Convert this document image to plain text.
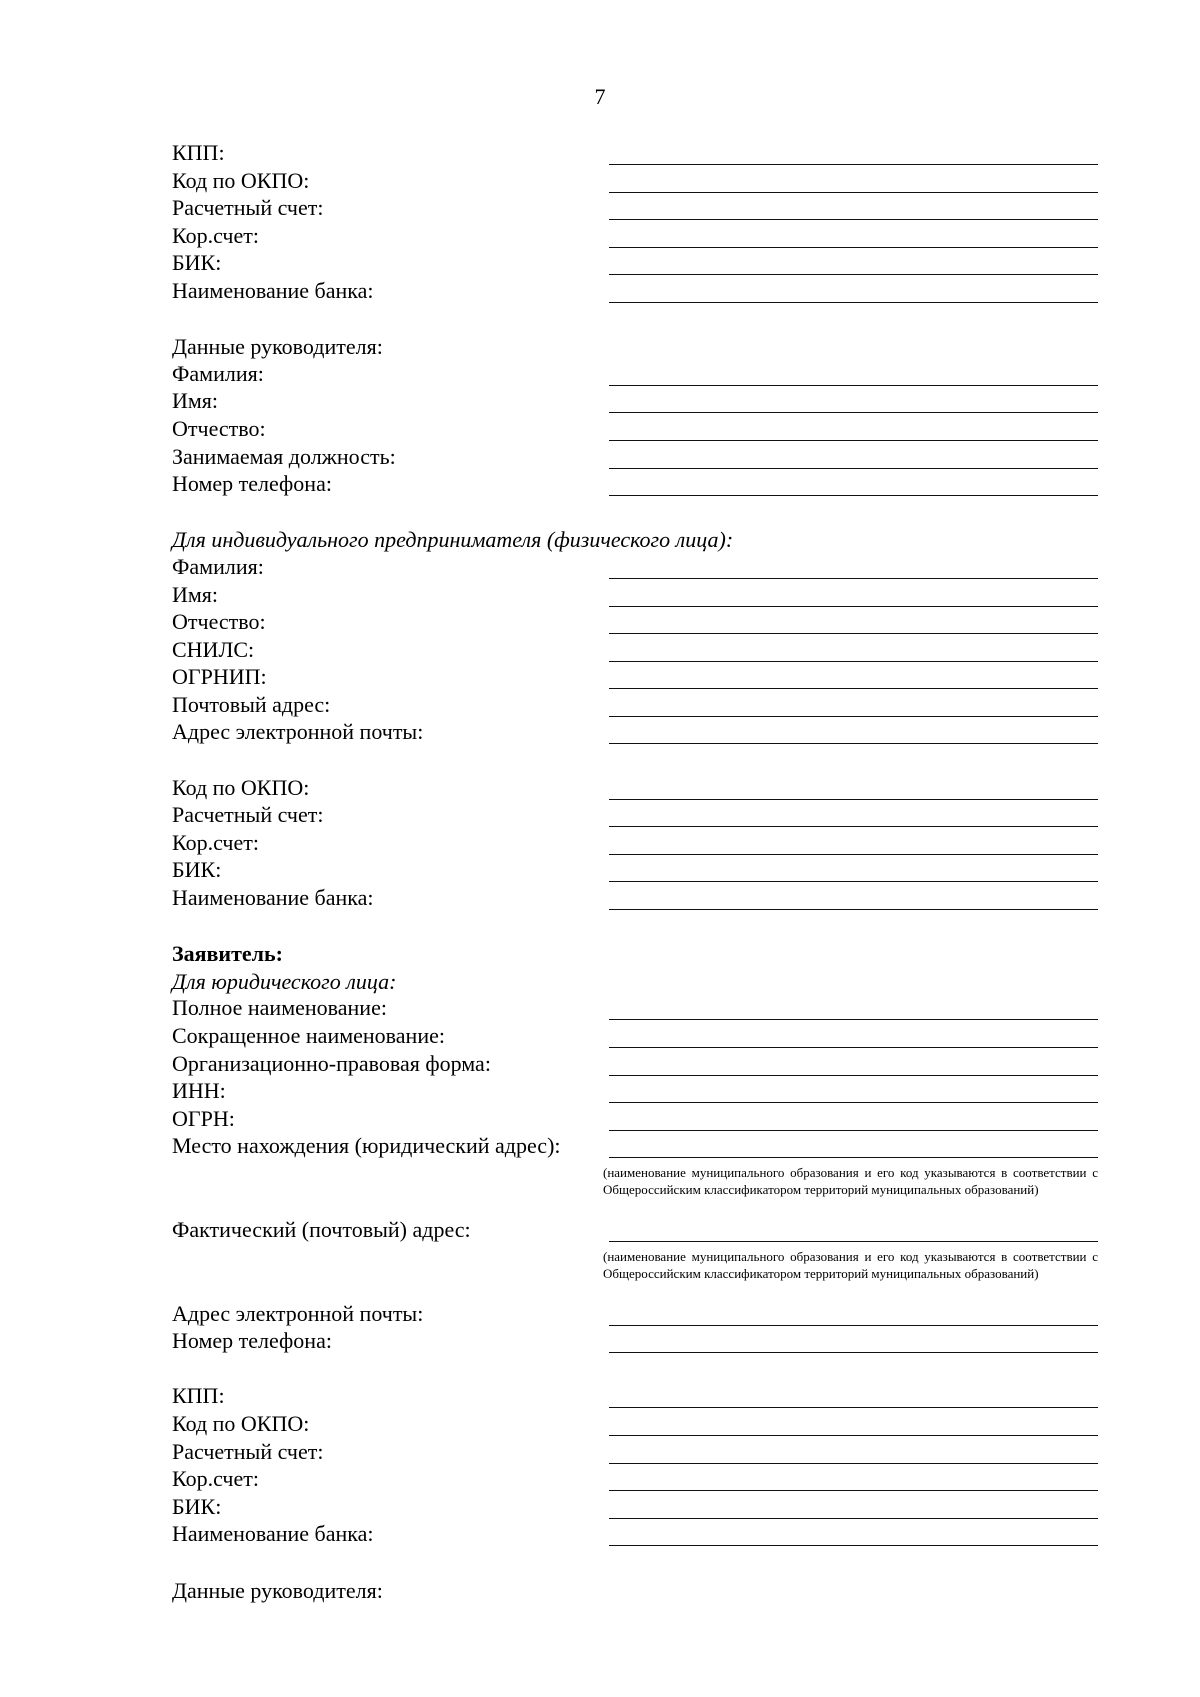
7
КПП:
Код по ОКПО:
Расчетный счет:
Кор.счет:
БИК:
Наименование банка:
Данные руководителя:
Фамилия:
Имя:
Отчество:
Занимаемая должность:
Номер телефона:
Для индивидуального предпринимателя (физического лица):
Фамилия:
Имя:
Отчество:
СНИЛС:
ОГРНИП:
Почтовый адрес:
Адрес электронной почты:
Код по ОКПО:
Расчетный счет:
Кор.счет:
БИК:
Наименование банка:
Заявитель:
Для юридического лица:
Полное наименование:
Сокращенное наименование:
Организационно-правовая форма:
ИНН:
ОГРН:
Место нахождения (юридический адрес):
(наименование муниципального образования и его код указываются в соответствии с Общероссийским классификатором территорий муниципальных образований)
Фактический (почтовый) адрес:
(наименование муниципального образования и его код указываются в соответствии с Общероссийским классификатором территорий муниципальных образований)
Адрес электронной почты:
Номер телефона:
КПП:
Код по ОКПО:
Расчетный счет:
Кор.счет:
БИК:
Наименование банка:
Данные руководителя:
